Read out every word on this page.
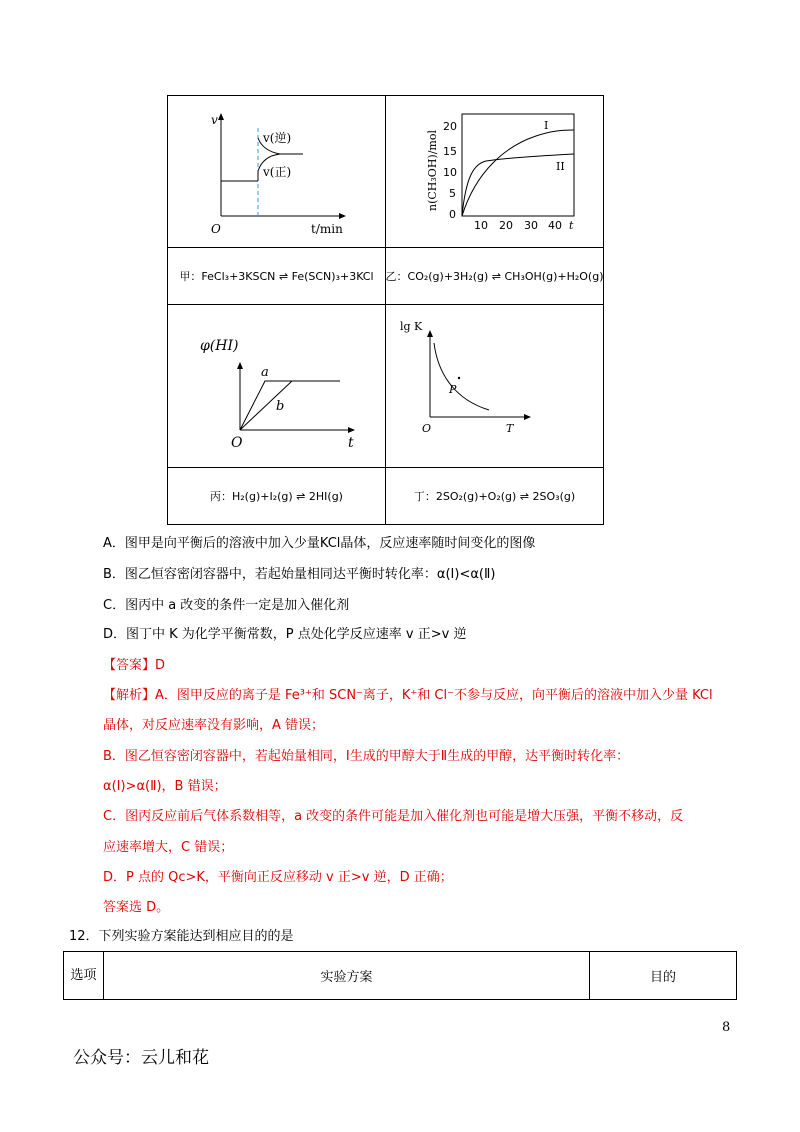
v
v(逆)
v(正)
O	t/min
20
15
10
5
0
10 20 30 40 t
n(CH₃OH)/mol
I
II
甲：FeCl₃+3KSCN ⇌ Fe(SCN)₃+3KCl 乙：CO₂(g)+3H₂(g) ⇌ CH₃OH(g)+H₂O(g)
φ(HI)
a
b
O	t
lg K
P
O	T
丙：H₂(g)+I₂(g) ⇌ 2HI(g)	丁：2SO₂(g)+O₂(g) ⇌ 2SO₃(g)
A．图甲是向平衡后的溶液中加入少量KCl晶体，反应速率随时间变化的图像
B．图乙恒容密闭容器中，若起始量相同达平衡时转化率：α(Ⅰ)<α(Ⅱ)
C．图丙中 a 改变的条件一定是加入催化剂
D．图丁中 K 为化学平衡常数，P 点处化学反应速率 v 正>v 逆
【答案】D
【解析】A．图甲反应的离子是 Fe³⁺和 SCN⁻离子，K⁺和 Cl⁻不参与反应，向平衡后的溶液中加入少量 KCl
晶体，对反应速率没有影响，A 错误；
B．图乙恒容密闭容器中，若起始量相同，Ⅰ生成的甲醇大于Ⅱ生成的甲醇，达平衡时转化率：
α(Ⅰ)>α(Ⅱ)，B 错误；
C．图丙反应前后气体系数相等，a 改变的条件可能是加入催化剂也可能是增大压强，平衡不移动，反
应速率增大，C 错误；
D．P 点的 Qc>K，平衡向正反应移动 v 正>v 逆，D 正确；
答案选 D。
12．下列实验方案能达到相应目的的是
选项	实验方案	目的
8
公众号：云儿和花
